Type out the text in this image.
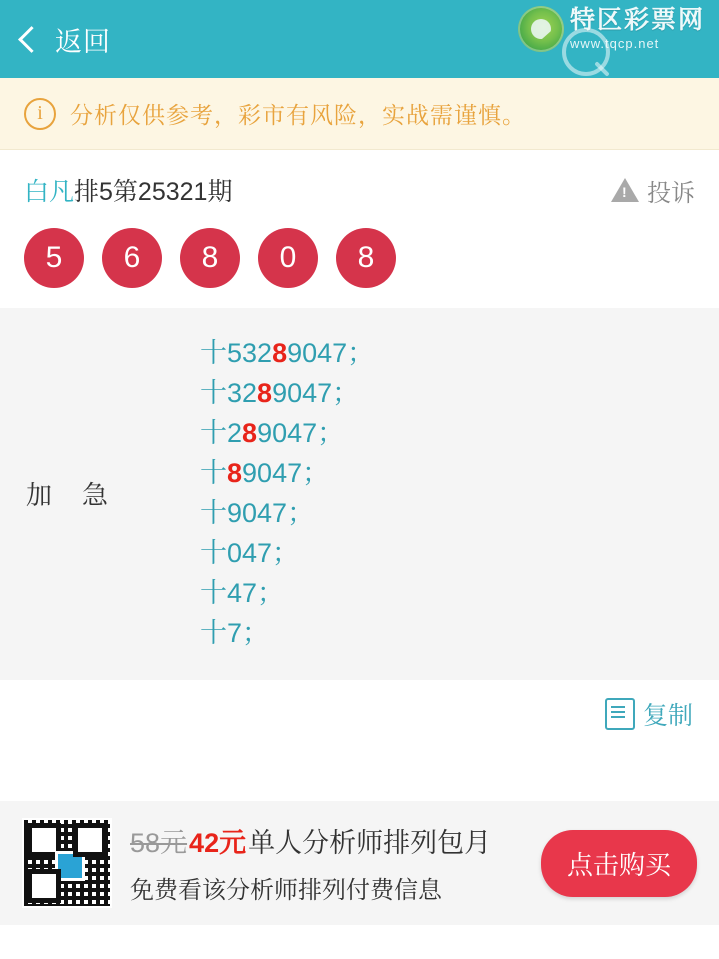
返回
特区彩票网
www.tqcp.net
i	分析仅供参考，彩市有风险，实战需谨慎。
白凡排5第25321期 !	投诉
5	6	8	0	8
加急
十53289047；
十3289047；
十289047；
十89047；
十9047；
十047；
十47；
十7；
复制
58元 42元 单人分析师排列包月
免费看该分析师排列付费信息
点击购买
